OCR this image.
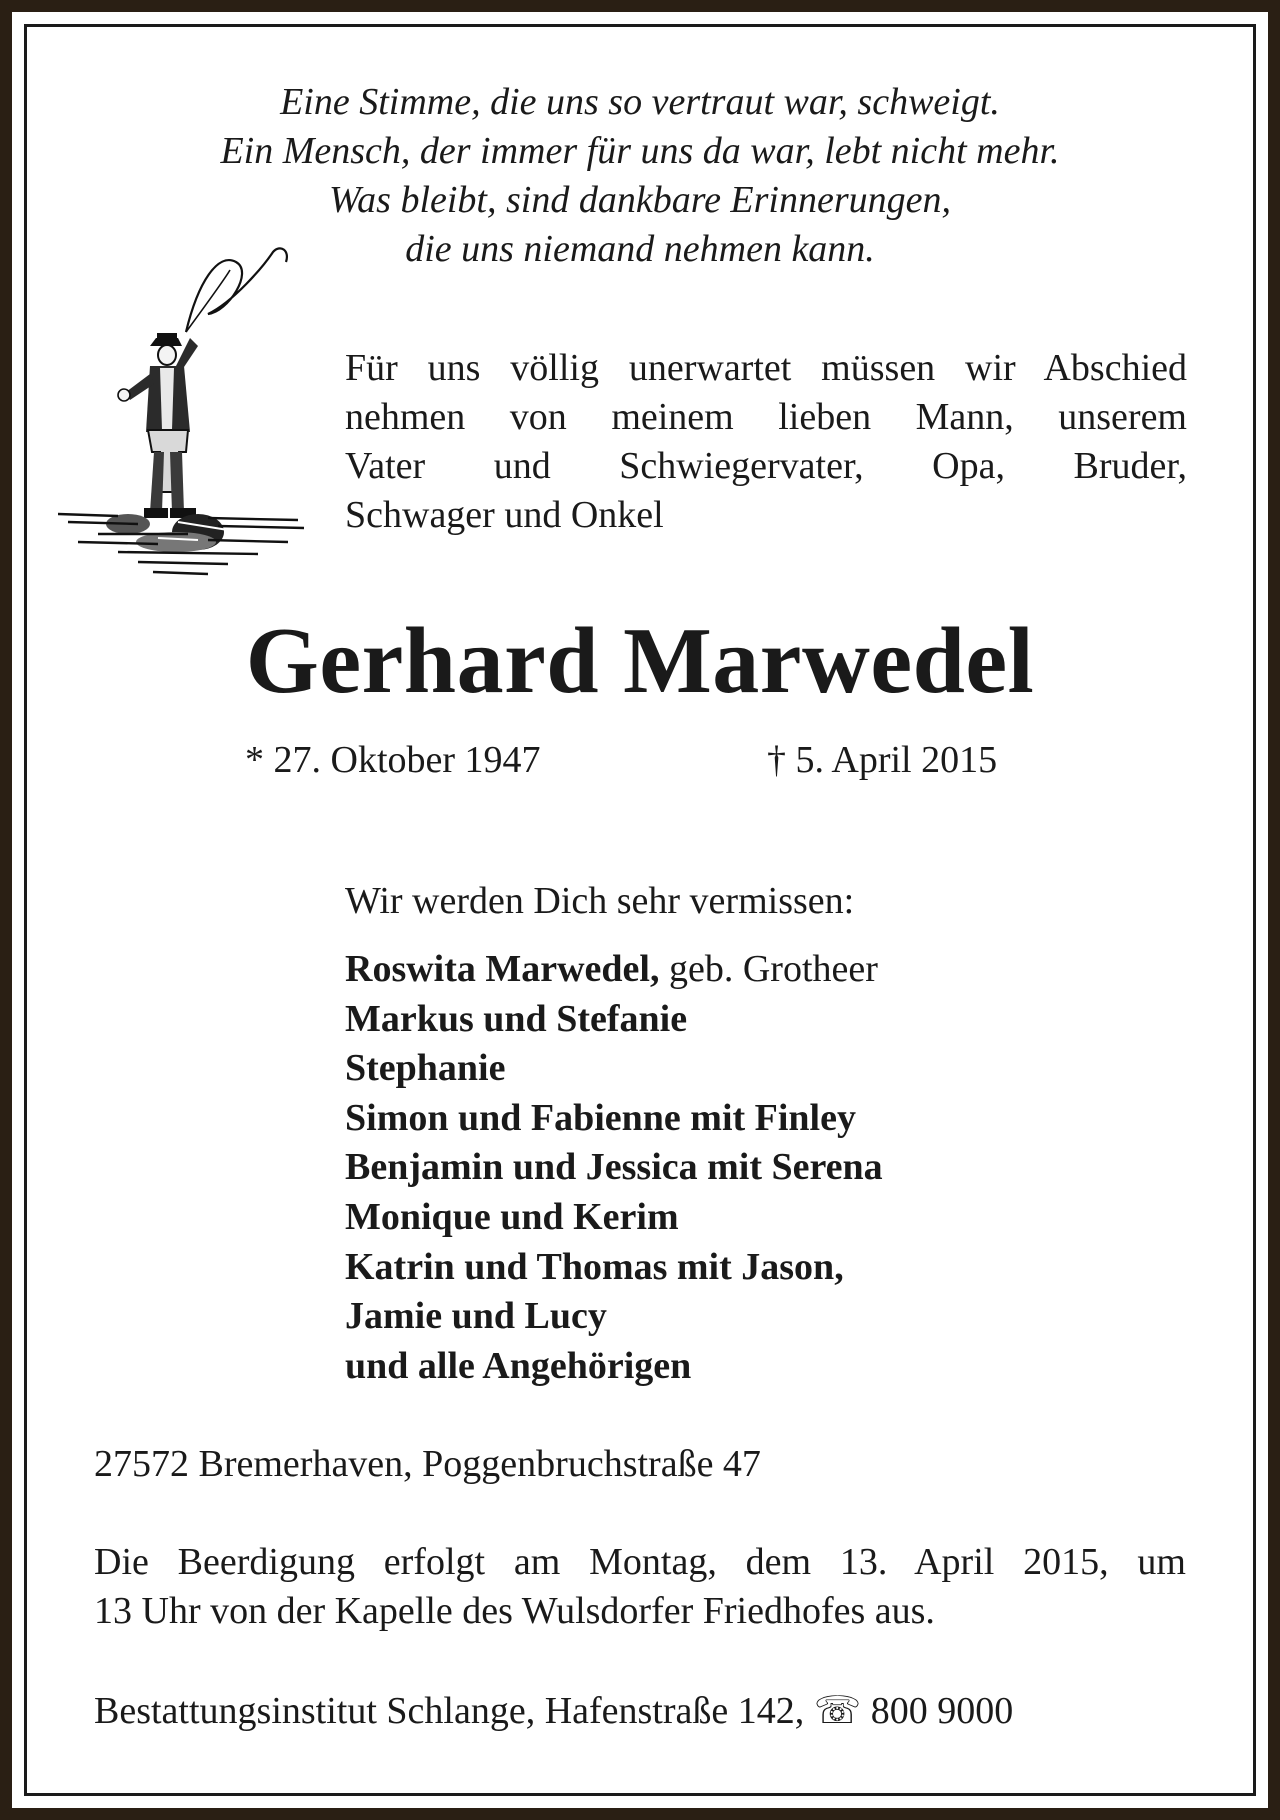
Eine Stimme, die uns so vertraut war, schweigt.
Ein Mensch, der immer für uns da war, lebt nicht mehr.
Was bleibt, sind dankbare Erinnerungen,
die uns niemand nehmen kann.
Für uns völlig unerwartet müssen wir Abschied
nehmen von meinem lieben Mann, unserem
Vater und Schwiegervater, Opa, Bruder,
Schwager und Onkel
Gerhard Marwedel
* 27. Oktober 1947	† 5. April 2015
Wir werden Dich sehr vermissen:
Roswita Marwedel, geb. Grotheer
Markus und Stefanie
Stephanie
Simon und Fabienne mit Finley
Benjamin und Jessica mit Serena
Monique und Kerim
Katrin und Thomas mit Jason,
Jamie und Lucy
und alle Angehörigen
27572 Bremerhaven, Poggenbruchstraße 47
Die Beerdigung erfolgt am Montag, dem 13. April 2015, um
13 Uhr von der Kapelle des Wulsdorfer Friedhofes aus.
Bestattungsinstitut Schlange, Hafenstraße 142, ☏ 800 9000
